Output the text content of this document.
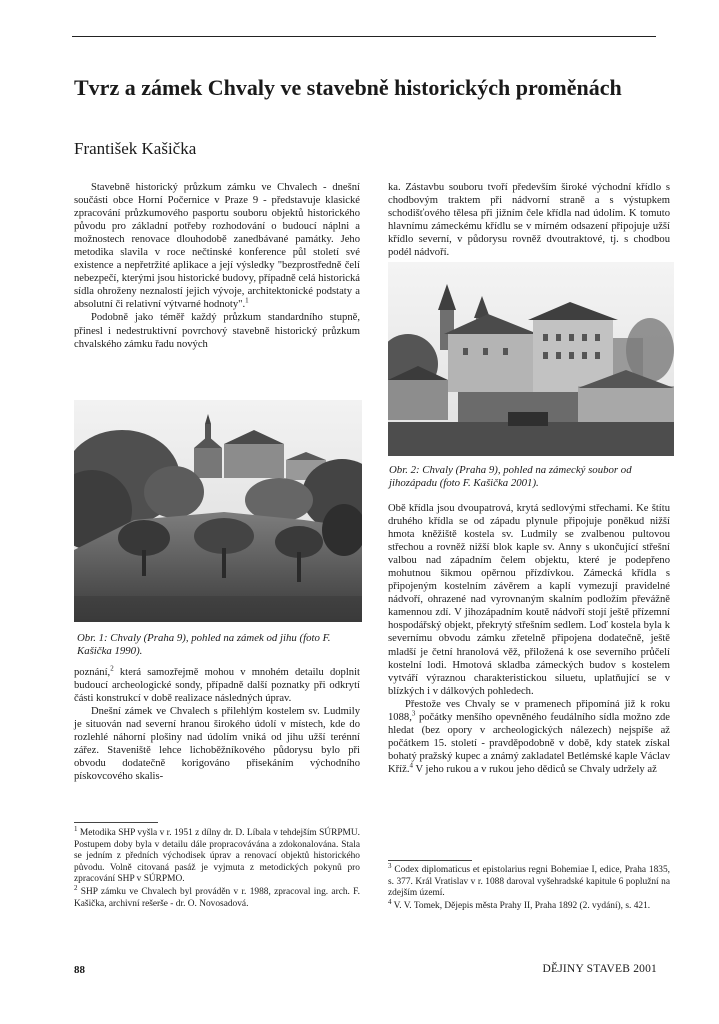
Tvrz a zámek Chvaly ve stavebně historických proměnách
František Kašička

Stavebně historický průzkum zámku ve Chvalech - dnešní součásti obce Horní Počernice v Praze 9 - představuje klasické zpracování průzkumového pasportu souboru objektů historického původu pro základní potřeby rozhodování o budoucí náplni a možnostech renovace dlouhodobě zanedbávané památky. Jeho metodika slavila v roce nečtinské konference půl století své existence a nepřetržité aplikace a její výsledky "bezprostředně čelí nebezpečí, kterými jsou historické budovy, případně celá historická sídla ohroženy neznalostí jejich vývoje, architektonické podstaty a absolutní či relativní výtvarné hodnoty".$^1$

Podobně jako téměř každý průzkum standardního stupně, přinesl i nedestruktivní povrchový stavebně historický průzkum chvalského zámku řadu nových

Obr. 1: Chvaly (Praha 9), pohled na zámek od jihu (foto F. Kašička 1990).

poznání,$^2$ která samozřejmě mohou v mnohém detailu doplnit budoucí archeologické sondy, případně další poznatky při odkrytí části konstrukcí v době realizace následných úprav.

Dnešní zámek ve Chvalech s přilehlým kostelem sv. Ludmily je situován nad severní hranou širokého údolí v místech, kde do rozlehlé náhorní plošiny nad údolím vniká od jihu užší terénní zářez. Staveniště lehce lichoběžníkového půdorysu bylo při obvodu dodatečně korigováno přisekáním východního pískovcového skalis-

$^1$ Metodika SHP vyšla v r. 1951 z dílny dr. D. Líbala v tehdejším SÚRPMU. Postupem doby byla v detailu dále propracovávána a zdokonalována. Stala se jedním z předních východisek úprav a renovací objektů historického původu. Volně citovaná pasáž je vyjmuta z metodických pokynů pro zpracování SHP v SÚRPMO.

$^2$ SHP zámku ve Chvalech byl prováděn v r. 1988, zpracoval ing. arch. F. Kašička, archivní rešerše - dr. O. Novosadová.

ka. Zástavbu souboru tvoří především široké východní křídlo s chodbovým traktem při nádvorní straně a s výstupkem schodišťového tělesa při jižním čele křídla nad údolím. K tomuto hlavnímu zámeckému křídlu se v mírném odsazení připojuje užší křídlo severní, v půdorysu rovněž dvoutraktové, tj. s chodbou podél nádvoří.

Obr. 2: Chvaly (Praha 9), pohled na zámecký soubor od jihozápadu (foto F. Kašička 2001).

Obě křídla jsou dvoupatrová, krytá sedlovými střechami. Ke štítu druhého křídla se od západu plynule připojuje poněkud nižší hmota kněžiště kostela sv. Ludmily se zvalbenou pultovou střechou a rovněž nižší blok kaple sv. Anny s ukončující střešní valbou nad západním čelem objektu, které je podepřeno mohutnou šikmou opěrnou přízdívkou. Zámecká křídla s připojeným kostelním závěrem a kaplí vymezují pravidelné nádvoří, ohrazené nad vyrovnaným skalním podložím převážně kamennou zdí. V jihozápadním koutě nádvoří stojí ještě přízemní hospodářský objekt, překrytý střešním sedlem. Loď kostela byla k severnímu obvodu zámku zřetelně připojena dodatečně, ještě mladší je četní hranolová věž, přiložená k ose severního průčelí kostelní lodi. Hmotová skladba zámeckých budov s kostelem vytváří výraznou charakteristickou siluetu, uplatňující se v blízkých i v dálkových pohledech.

Přestože ves Chvaly se v pramenech připomíná již k roku 1088,$^3$ počátky menšího opevněného feudálního sídla možno zde hledat (bez opory v archeologických nálezech) nejspíše až počátkem 15. století - pravděpodobně v době, kdy statek získal bohatý pražský kupec a známý zakladatel Betlémské kaple Václav Kříž.$^4$ V jeho rukou a v rukou jeho dědiců se Chvaly udržely až

$^3$ Codex diplomaticus et epistolarius regni Bohemiae I, edice, Praha 1835, s. 377. Král Vratislav v r. 1088 daroval vyšehradské kapitule 6 poplužní na zdejším území.

$^4$ V. V. Tomek, Dějepis města Prahy II, Praha 1892 (2. vydání), s. 421.

88	DĚJINY STAVEB 2001
